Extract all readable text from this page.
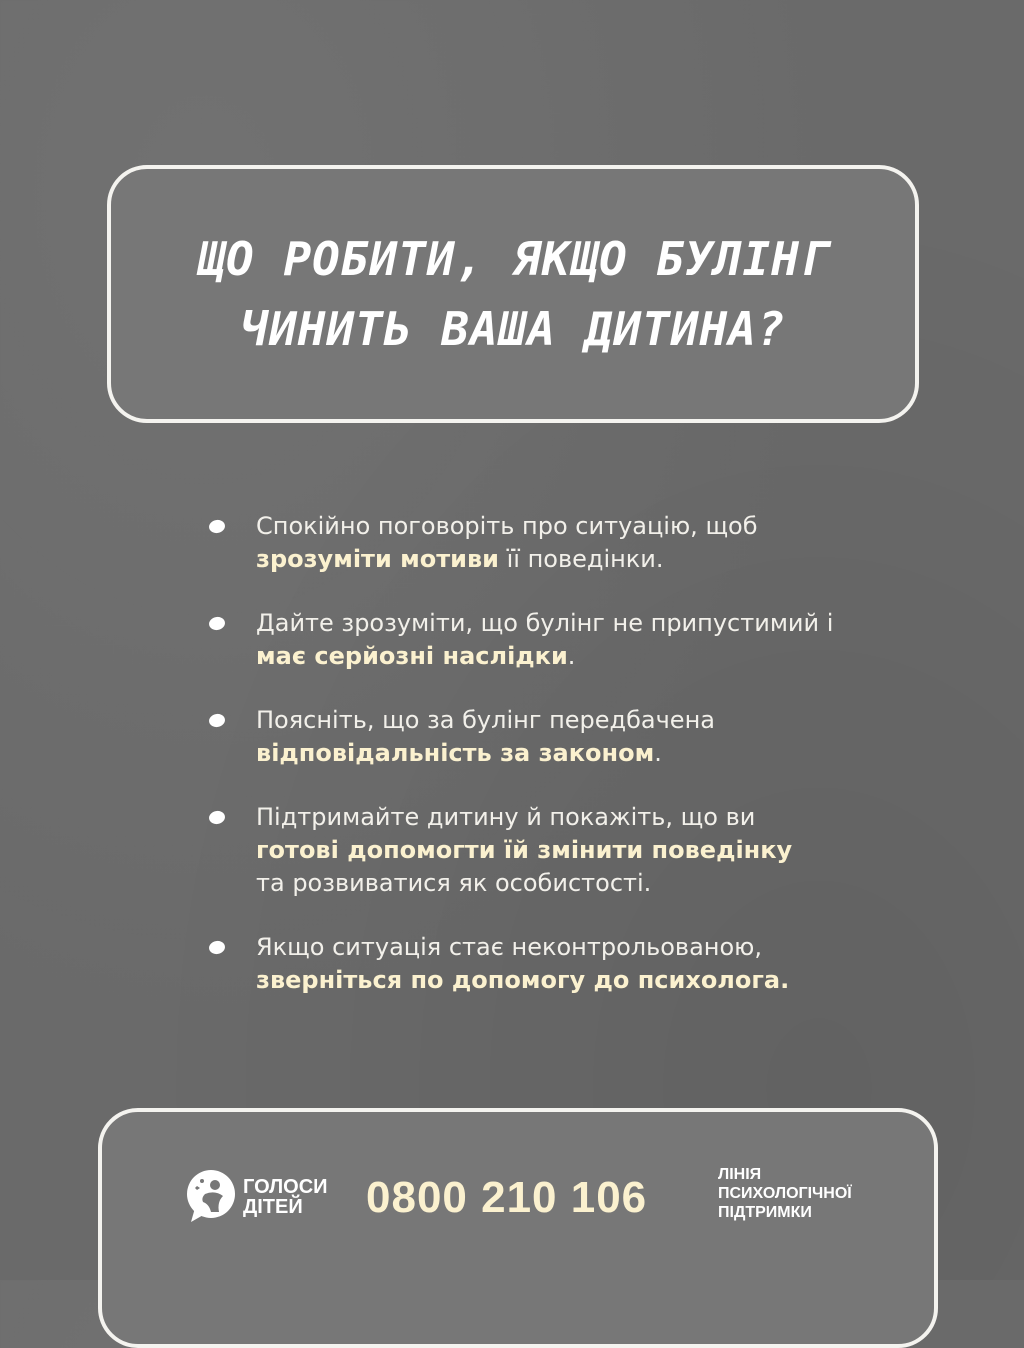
ЩО РОБИТИ, ЯКЩО БУЛІНГ
ЧИНИТЬ ВАША ДИТИНА?
Спокійно поговоріть про ситуацію, щоб зрозуміти мотиви її поведінки.
Дайте зрозуміти, що булінг не припустимий і має серйозні наслідки.
Поясніть, що за булінг передбачена
відповідальність за законом.
Підтримайте дитину й покажіть, що ви
готові допомогти їй змінити поведінку
та розвиватися як особистості.
Якщо ситуація стає неконтрольованою,
зверніться по допомогу до психолога.
ГОЛОСИ
ДІТЕЙ	0800 210 106	ЛІНІЯ
ПСИХОЛОГІЧНОЇ
ПІДТРИМКИ
